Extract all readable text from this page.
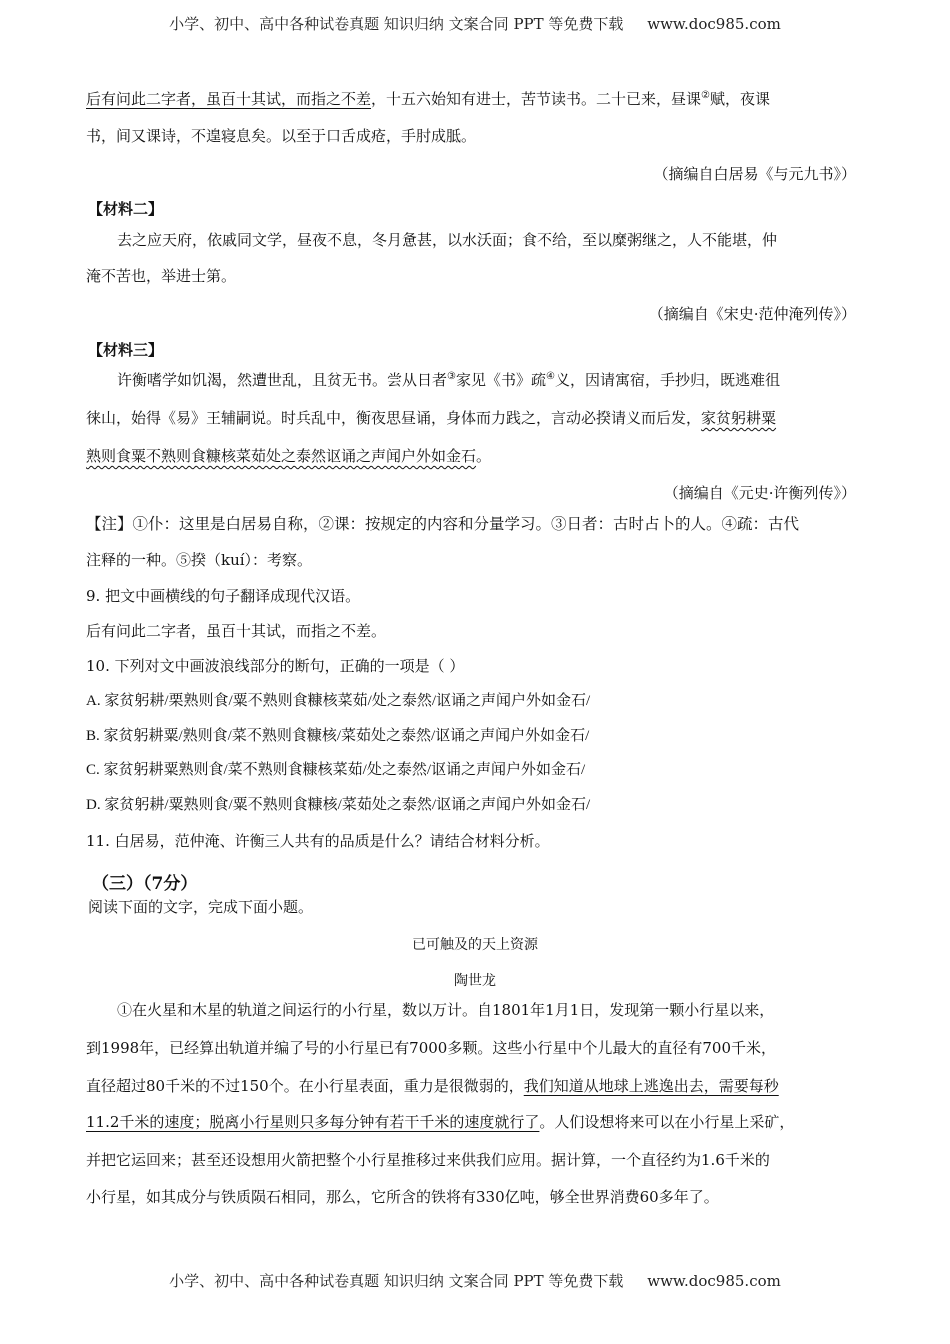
小学、初中、高中各种试卷真题 知识归纳 文案合同 PPT 等免费下载 www.doc985.com
后有问此二字者，虽百十其试，而指之不差，十五六始知有进士，苦节读书。二十已来，昼课②赋，夜课
书，间又课诗，不遑寝息矣。以至于口舌成疮，手肘成胝。
（摘编自白居易《与元九书》）
【材料二】
去之应天府，依戚同文学，昼夜不息，冬月惫甚，以水沃面；食不给，至以糜粥继之，人不能堪，仲
淹不苦也，举进士第。
（摘编自《宋史·范仲淹列传》）
【材料三】
许衡嗜学如饥渴，然遭世乱，且贫无书。尝从日者③家见《书》疏④义，因请寓宿，手抄归，既逃难徂
徕山，始得《易》王辅嗣说。时兵乱中，衡夜思昼诵，身体而力践之，言动必揆请义而后发，家贫躬耕粟
熟则食粟不熟则食糠核菜茹处之泰然讴诵之声闻户外如金石。
（摘编自《元史·许衡列传》）
【注】①仆：这里是白居易自称，②课：按规定的内容和分量学习。③日者：古时占卜的人。④疏：古代
注释的一种。⑤揆（kuí）：考察。
9. 把文中画横线的句子翻译成现代汉语。
后有问此二字者，虽百十其试，而指之不差。
10. 下列对文中画波浪线部分的断句，正确的一项是（ ）
A. 家贫躬耕/栗熟则食/粟不熟则食糠核菜茹/处之泰然/讴诵之声闻户外如金石/
B. 家贫躬耕粟/熟则食/菜不熟则食糠核/菜茹处之泰然/讴诵之声闻户外如金石/
C. 家贫躬耕粟熟则食/菜不熟则食糠核菜茹/处之泰然/讴诵之声闻户外如金石/
D. 家贫躬耕/粟熟则食/粟不熟则食糠核/菜茹处之泰然/讴诵之声闻户外如金石/
11. 白居易，范仲淹、许衡三人共有的品质是什么？请结合材料分析。
（三）（7分）
阅读下面的文字，完成下面小题。
已可触及的天上资源
陶世龙
①在火星和木星的轨道之间运行的小行星，数以万计。自1801年1月1日，发现第一颗小行星以来，
到1998年，已经算出轨道并编了号的小行星已有7000多颗。这些小行星中个儿最大的直径有700千米，
直径超过80千米的不过150个。在小行星表面，重力是很微弱的，我们知道从地球上逃逸出去，需要每秒
11.2千米的速度；脱离小行星则只多每分钟有若干千米的速度就行了。人们设想将来可以在小行星上采矿，
并把它运回来；甚至还设想用火箭把整个小行星推移过来供我们应用。据计算，一个直径约为1.6千米的
小行星，如其成分与铁质陨石相同，那么，它所含的铁将有330亿吨，够全世界消费60多年了。
小学、初中、高中各种试卷真题 知识归纳 文案合同 PPT 等免费下载 www.doc985.com
